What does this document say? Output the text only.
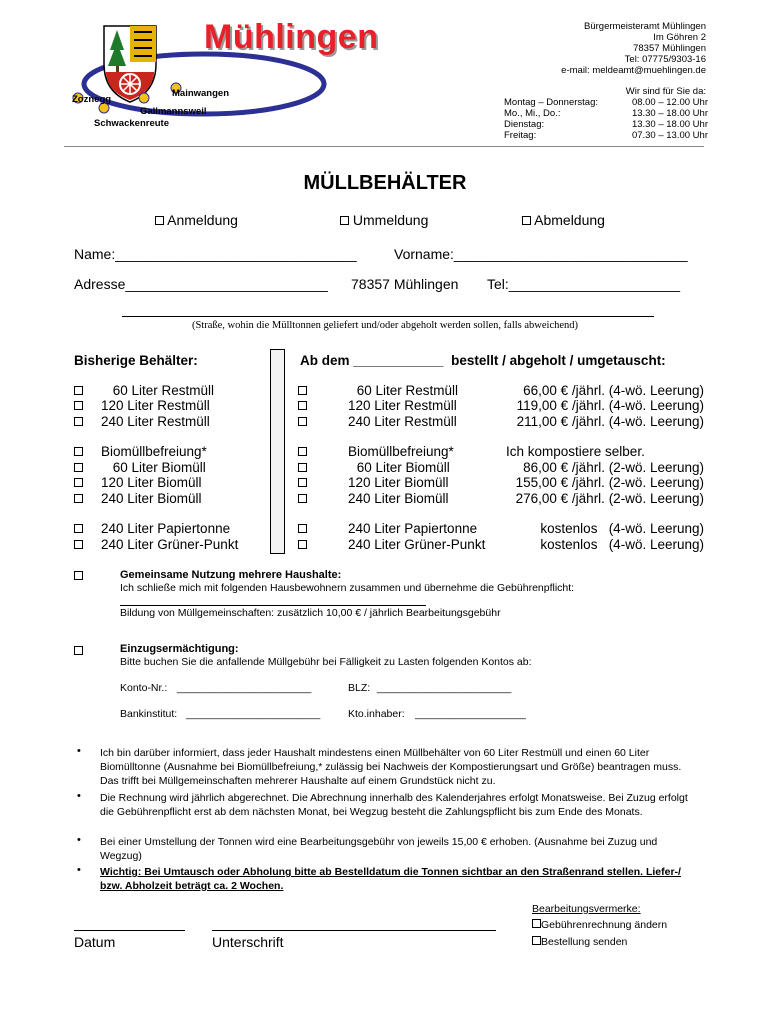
Mühlingen
Zoznegg
Mainwangen
Gallmannsweil
Schwackenreute
Bürgermeisteramt Mühlingen
Im Göhren 2
78357 Mühlingen
Tel: 07775/9303-16
e-mail: meldeamt@muehlingen.de
Wir sind für Sie da:
Montag – Donnerstag:	08.00 – 12.00 Uhr
Mo., Mi., Do.:	13.30 – 18.00 Uhr
Dienstag:	13.30 – 18.00 Uhr
Freitag:	07.30 – 13.00 Uhr
MÜLLBEHÄLTER
Anmeldung	Ummeldung	Abmeldung
Name:_______________________________	Vorname:______________________________
Adresse__________________________ 78357 Mühlingen Tel:______________________
(Straße, wohin die Mülltonnen geliefert und/oder abgeholt werden sollen, falls abweichend)
Bisherige Behälter:	Ab dem ____________ bestellt / abgeholt / umgetauscht:
60 Liter Restmüll	60 Liter Restmüll	66,00 € /jährl. (4-wö. Leerung)
120 Liter Restmüll	120 Liter Restmüll	119,00 € /jährl. (4-wö. Leerung)
240 Liter Restmüll	240 Liter Restmüll	211,00 € /jährl. (4-wö. Leerung)
Biomüllbefreiung*	Biomüllbefreiung*	Ich kompostiere selber.
60 Liter Biomüll	60 Liter Biomüll	86,00 € /jährl. (2-wö. Leerung)
120 Liter Biomüll	120 Liter Biomüll	155,00 € /jährl. (2-wö. Leerung)
240 Liter Biomüll	240 Liter Biomüll	276,00 € /jährl. (2-wö. Leerung)
240 Liter Papiertonne	240 Liter Papiertonne	kostenlos   (4-wö. Leerung)
240 Liter Grüner-Punkt	240 Liter Grüner-Punkt	kostenlos   (4-wö. Leerung)
Gemeinsame Nutzung mehrere Haushalte:
Ich schließe mich mit folgenden Hausbewohnern zusammen und übernehme die Gebührenpflicht:
Bildung von Müllgemeinschaften: zusätzlich 10,00 € / jährlich Bearbeitungsgebühr
Einzugsermächtigung:
Bitte buchen Sie die anfallende Müllgebühr bei Fälligkeit zu Lasten folgenden Kontos ab:
Konto-Nr.: _______________________	BLZ: _______________________
Bankinstitut: _______________________	Kto.inhaber: ___________________
• Ich bin darüber informiert, dass jeder Haushalt mindestens einen Müllbehälter von 60 Liter Restmüll und einen 60 Liter Biomülltonne (Ausnahme bei Biomüllbefreiung,* zulässig bei Nachweis der Kompostierungsart und Größe) beantragen muss. Das trifft bei Müllgemeinschaften mehrerer Haushalte auf einem Grundstück nicht zu.
• Die Rechnung wird jährlich abgerechnet. Die Abrechnung innerhalb des Kalenderjahres erfolgt Monatsweise. Bei Zuzug erfolgt die Gebührenpflicht erst ab dem nächsten Monat, bei Wegzug besteht die Zahlungspflicht bis zum Ende des Monats.
• Bei einer Umstellung der Tonnen wird eine Bearbeitungsgebühr von jeweils 15,00 € erhoben. (Ausnahme bei Zuzug und Wegzug)
• Wichtig: Bei Umtausch oder Abholung bitte ab Bestelldatum die Tonnen sichtbar an den Straßenrand stellen. Liefer-/ bzw. Abholzeit beträgt ca. 2 Wochen.
Datum	Unterschrift
Bearbeitungsvermerke:
Gebührenrechnung ändern
Bestellung senden
